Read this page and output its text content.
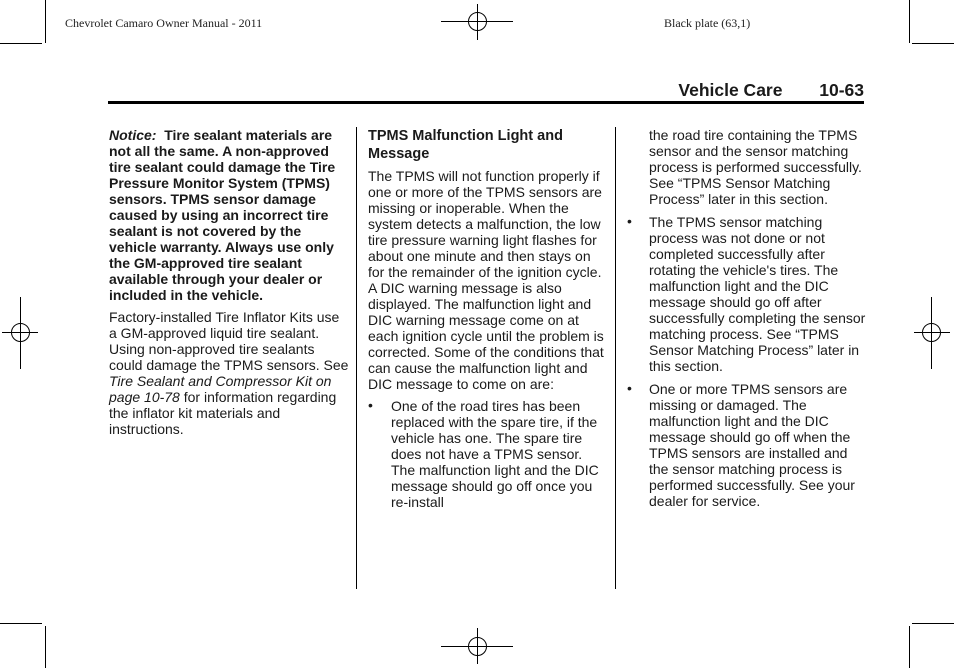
Chevrolet Camaro Owner Manual - 2011	Black plate (63,1)
Vehicle Care 10-63

Notice: Tire sealant materials are not all the same. A non-approved tire sealant could damage the Tire Pressure Monitor System (TPMS) sensors. TPMS sensor damage caused by using an incorrect tire sealant is not covered by the vehicle warranty. Always use only the GM-approved tire sealant available through your dealer or included in the vehicle.

Factory-installed Tire Inflator Kits use a GM-approved liquid tire sealant. Using non-approved tire sealants could damage the TPMS sensors. See Tire Sealant and Compressor Kit on page 10-78 for information regarding the inflator kit materials and instructions.

TPMS Malfunction Light and Message

The TPMS will not function properly if one or more of the TPMS sensors are missing or inoperable. When the system detects a malfunction, the low tire pressure warning light flashes for about one minute and then stays on for the remainder of the ignition cycle. A DIC warning message is also displayed. The malfunction light and DIC warning message come on at each ignition cycle until the problem is corrected. Some of the conditions that can cause the malfunction light and DIC message to come on are:

• One of the road tires has been replaced with the spare tire, if the vehicle has one. The spare tire does not have a TPMS sensor. The malfunction light and the DIC message should go off once you re-install

the road tire containing the TPMS sensor and the sensor matching process is performed successfully. See “TPMS Sensor Matching Process” later in this section.

• The TPMS sensor matching process was not done or not completed successfully after rotating the vehicle's tires. The malfunction light and the DIC message should go off after successfully completing the sensor matching process. See “TPMS Sensor Matching Process” later in this section.

• One or more TPMS sensors are missing or damaged. The malfunction light and the DIC message should go off when the TPMS sensors are installed and the sensor matching process is performed successfully. See your dealer for service.
